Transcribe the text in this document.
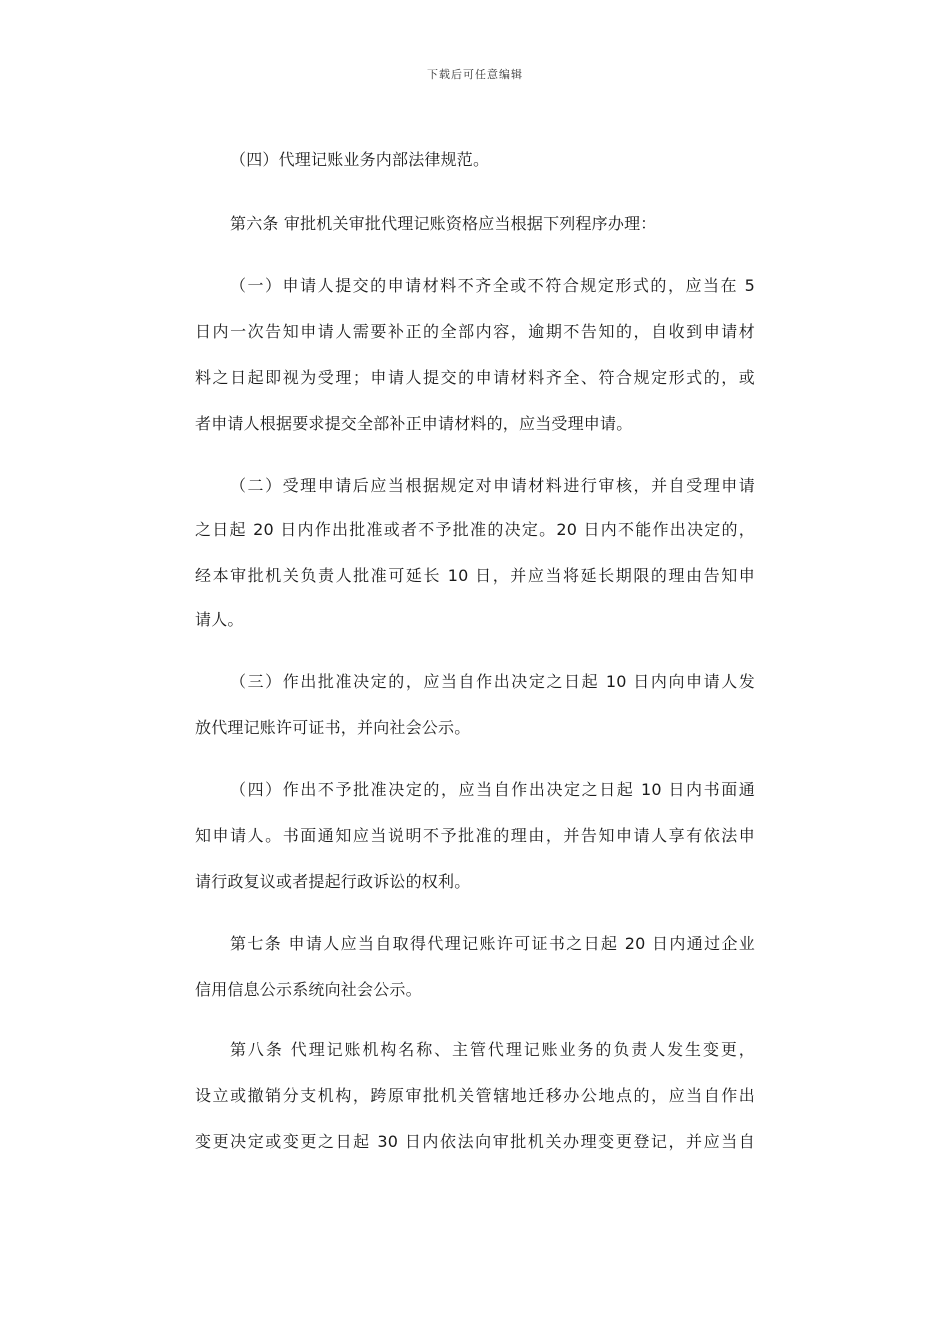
下载后可任意编辑
（四）代理记账业务内部法律规范。
第六条 审批机关审批代理记账资格应当根据下列程序办理：
（一）申请人提交的申请材料不齐全或不符合规定形式的，应当在 5
日内一次告知申请人需要补正的全部内容，逾期不告知的，自收到申请材
料之日起即视为受理；申请人提交的申请材料齐全、符合规定形式的，或
者申请人根据要求提交全部补正申请材料的，应当受理申请。
（二）受理申请后应当根据规定对申请材料进行审核，并自受理申请
之日起 20 日内作出批准或者不予批准的决定。20 日内不能作出决定的，
经本审批机关负责人批准可延长 10 日，并应当将延长期限的理由告知申
请人。
（三）作出批准决定的，应当自作出决定之日起 10 日内向申请人发
放代理记账许可证书，并向社会公示。
（四）作出不予批准决定的，应当自作出决定之日起 10 日内书面通
知申请人。书面通知应当说明不予批准的理由，并告知申请人享有依法申
请行政复议或者提起行政诉讼的权利。
第七条 申请人应当自取得代理记账许可证书之日起 20 日内通过企业
信用信息公示系统向社会公示。
第八条 代理记账机构名称、主管代理记账业务的负责人发生变更，
设立或撤销分支机构，跨原审批机关管辖地迁移办公地点的，应当自作出
变更决定或变更之日起 30 日内依法向审批机关办理变更登记，并应当自
